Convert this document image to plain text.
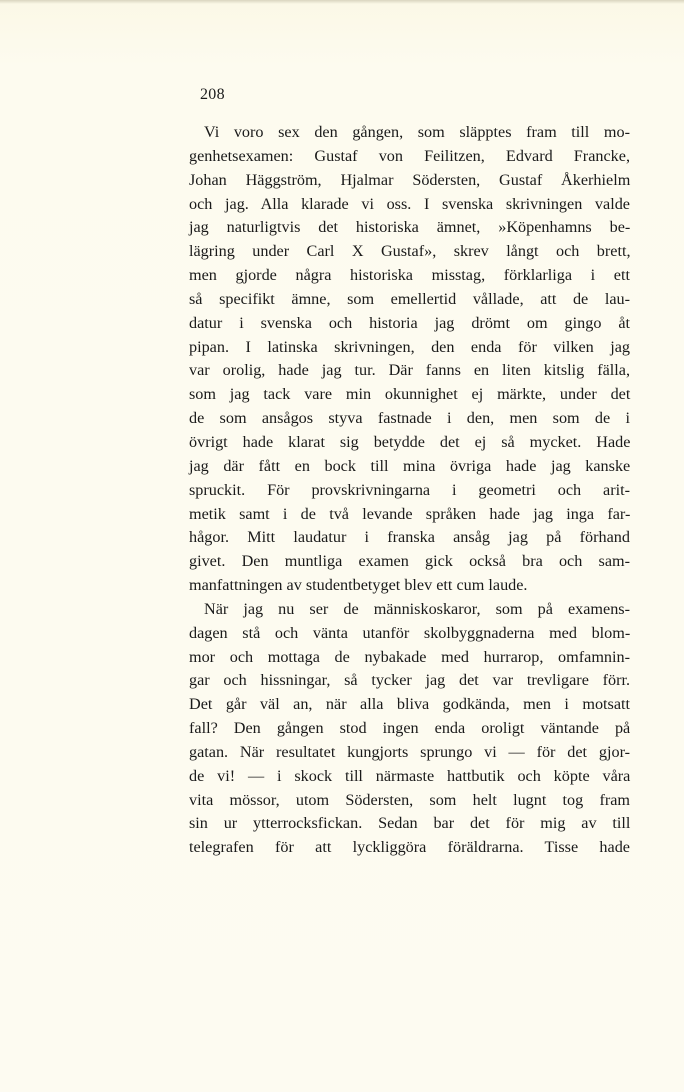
208

Vi voro sex den gången, som släpptes fram till mo-
genhetsexamen: Gustaf von Feilitzen, Edvard Francke,
Johan Häggström, Hjalmar Södersten, Gustaf Åkerhielm
och jag. Alla klarade vi oss. I svenska skrivningen valde
jag naturligtvis det historiska ämnet, »Köpenhamns be-
lägring under Carl X Gustaf», skrev långt och brett,
men gjorde några historiska misstag, förklarliga i ett
så specifikt ämne, som emellertid vållade, att de lau-
datur i svenska och historia jag drömt om gingo åt
pipan. I latinska skrivningen, den enda för vilken jag
var orolig, hade jag tur. Där fanns en liten kitslig fälla,
som jag tack vare min okunnighet ej märkte, under det
de som ansågos styva fastnade i den, men som de i
övrigt hade klarat sig betydde det ej så mycket. Hade
jag där fått en bock till mina övriga hade jag kanske
spruckit. För provskrivningarna i geometri och arit-
metik samt i de två levande språken hade jag inga far-
hågor. Mitt laudatur i franska ansåg jag på förhand
givet. Den muntliga examen gick också bra och sam-
manfattningen av studentbetyget blev ett cum laude.

När jag nu ser de människoskaror, som på examens-
dagen stå och vänta utanför skolbyggnaderna med blom-
mor och mottaga de nybakade med hurrarop, omfamnin-
gar och hissningar, så tycker jag det var trevligare förr.
Det går väl an, när alla bliva godkända, men i motsatt
fall? Den gången stod ingen enda oroligt väntande på
gatan. När resultatet kungjorts sprungo vi — för det gjor-
de vi! — i skock till närmaste hattbutik och köpte våra
vita mössor, utom Södersten, som helt lugnt tog fram
sin ur ytterrocksfickan. Sedan bar det för mig av till
telegrafen för att lyckliggöra föräldrarna. Tisse hade
